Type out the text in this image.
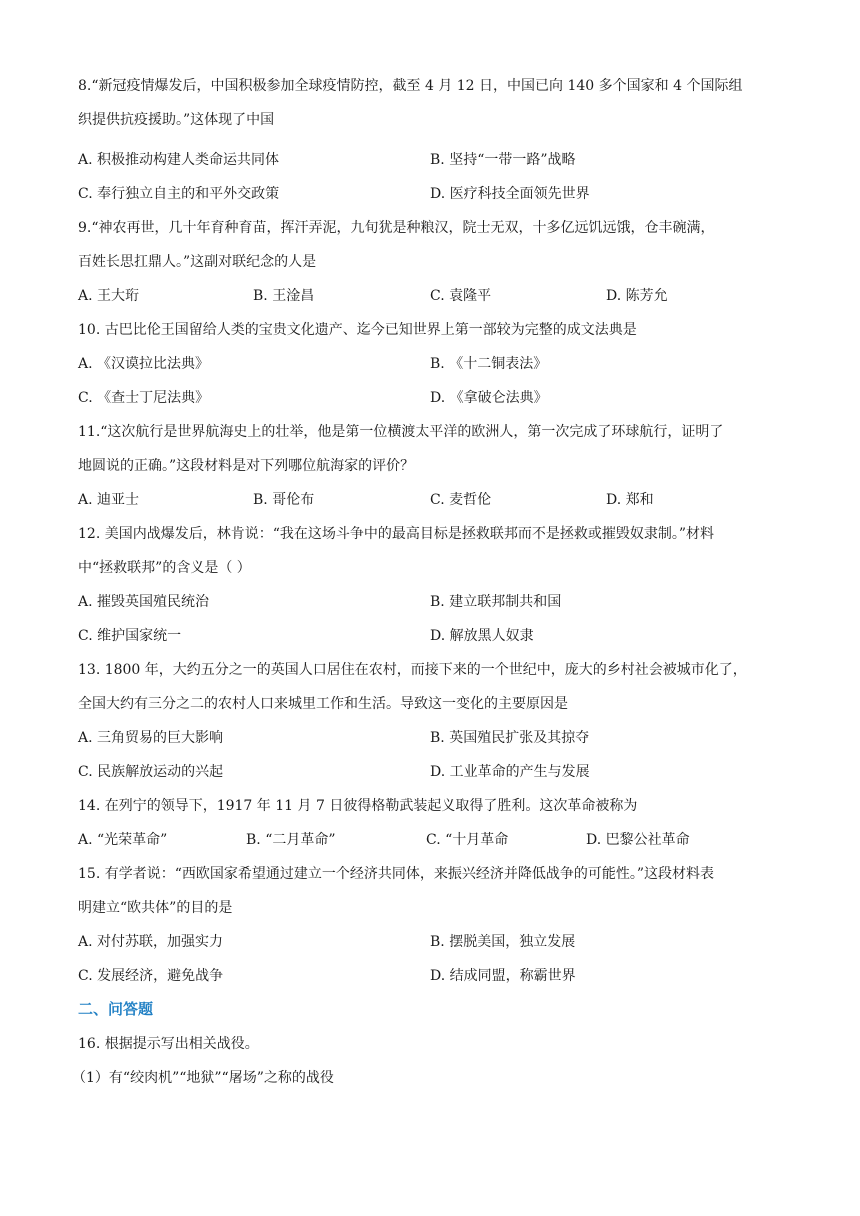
8.“新冠疫情爆发后，中国积极参加全球疫情防控，截至 4 月 12 日，中国已向 140 多个国家和 4 个国际组
织提供抗疫援助。”这体现了中国
A. 积极推动构建人类命运共同体	B. 坚持“一带一路”战略
C. 奉行独立自主的和平外交政策	D. 医疗科技全面领先世界
9.“神农再世，几十年育种育苗，挥汗弄泥，九旬犹是种粮汉，院士无双，十多亿远饥远饿，仓丰碗满，
百姓长思扛鼎人。”这副对联纪念的人是
A. 王大珩	B. 王淦昌	C. 袁隆平	D. 陈芳允
10. 古巴比伦王国留给人类的宝贵文化遗产、迄今已知世界上第一部较为完整的成文法典是
A. 《汉谟拉比法典》	B. 《十二铜表法》
C. 《查士丁尼法典》	D. 《拿破仑法典》
11.“这次航行是世界航海史上的壮举，他是第一位横渡太平洋的欧洲人，第一次完成了环球航行，证明了
地圆说的正确。”这段材料是对下列哪位航海家的评价？
A. 迪亚士	B. 哥伦布	C. 麦哲伦	D. 郑和
12. 美国内战爆发后，林肯说：“我在这场斗争中的最高目标是拯救联邦而不是拯救或摧毁奴隶制。”材料
中“拯救联邦”的含义是（ ）
A. 摧毁英国殖民统治	B. 建立联邦制共和国
C. 维护国家统一	D. 解放黑人奴隶
13. 1800 年，大约五分之一的英国人口居住在农村，而接下来的一个世纪中，庞大的乡村社会被城市化了，
全国大约有三分之二的农村人口来城里工作和生活。导致这一变化的主要原因是
A. 三角贸易的巨大影响	B. 英国殖民扩张及其掠夺
C. 民族解放运动的兴起	D. 工业革命的产生与发展
14. 在列宁的领导下，1917 年 11 月 7 日彼得格勒武装起义取得了胜利。这次革命被称为
A. “光荣革命”	B. “二月革命”	C. “十月革命	D. 巴黎公社革命
15. 有学者说：“西欧国家希望通过建立一个经济共同体，来振兴经济并降低战争的可能性。”这段材料表
明建立“欧共体”的目的是
A. 对付苏联，加强实力	B. 摆脱美国，独立发展
C. 发展经济，避免战争	D. 结成同盟，称霸世界
二、问答题
16. 根据提示写出相关战役。
（1）有“绞肉机”“地狱”“屠场”之称的战役
